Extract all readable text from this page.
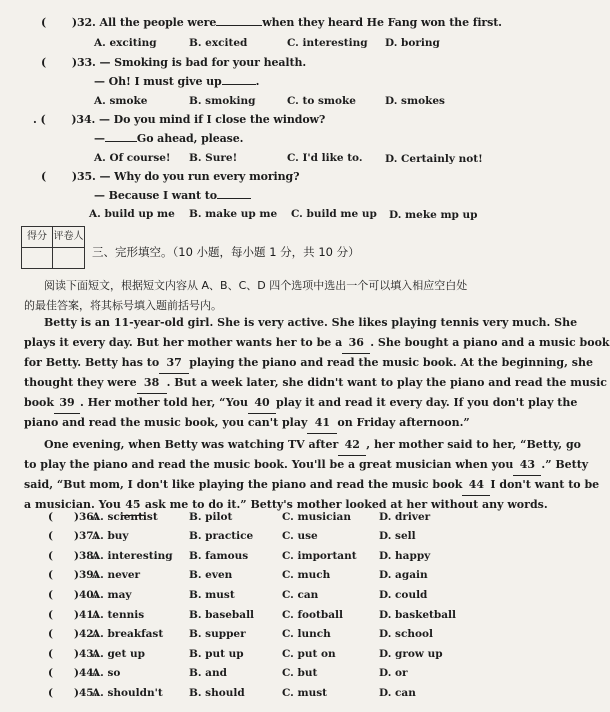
( )32. All the people were	when they heard He Fang won the first.
A. exciting	B. excited	C. interesting D. boring
( )33. — Smoking is bad for your health.
— Oh! I must give up	.
A. smoke	B. smoking	C. to smoke	D. smokes
. ( )34. — Do you mind if I close the window?
—	Go ahead, please.
A. Of course! B. Sure!	C. I'd like to. D. Certainly not!
( )35. — Why do you run every moring?
— Because I want to
A. build up me B. make up me C. build me up D. meke mp up
得分 评卷人
三、完形填空。（10 小题，每小题 1 分，共 10 分）
阅读下面短文，根据短文内容从 A、B、C、D 四个选项中选出一个可以填入相应空白处
的最佳答案，将其标号填入题前括号内。
Betty is an 11-year-old girl. She is very active. She likes playing tennis very much. She
plays it every day. But her mother wants her to be a 36 . She bought a piano and a music book
for Betty. Betty has to 37 playing the piano and read the music book. At the beginning, she
thought they were 38 . But a week later, she didn't want to play the piano and read the music
book 39 . Her mother told her, “You 40 play it and read it every day. If you don't play the
piano and read the music book, you can't play 41 on Friday afternoon.”
One evening, when Betty was watching TV after 42 , her mother said to her, “Betty, go
to play the piano and read the music book. You'll be a great musician when you 43 .” Betty
said, “But mom, I don't like playing the piano and read the music book 44 I don't want to be
a musician. You 45 ask me to do it.” Betty's mother looked at her without any words.
( )36.
A. scientist	B. pilot	C. musician	D. driver
( )37.
A. buy	B. practice	C. use	D. sell
( )38.
A. interesting B. famous	C. important D. happy
( )39.
A. never	B. even	C. much	D. again
( )40.
A. may	B. must	C. can	D. could
( )41.
A. tennis	B. baseball	C. football	D. basketball
( )42.
A. breakfast B. supper	C. lunch	D. school
( )43.
A. get up	B. put up	C. put on	D. grow up
( )44.
A. so	B. and	C. but	D. or
( )45.
A. shouldn't	B. should	C. must	D. can
